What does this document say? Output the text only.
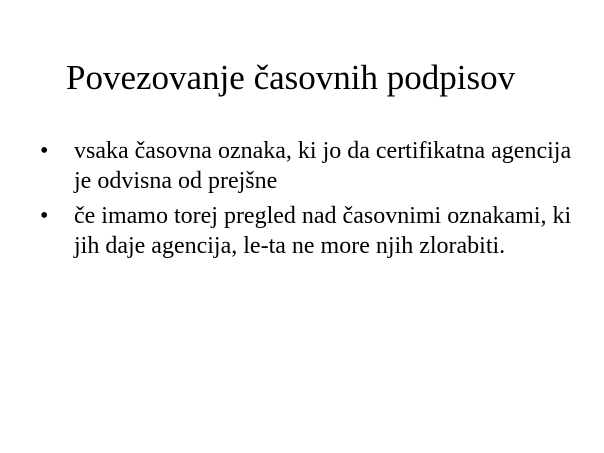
Povezovanje časovnih podpisov
• vsaka časovna oznaka, ki jo da certifikatna agencija je odvisna od prejšne
• če imamo torej pregled nad časovnimi oznakami, ki jih daje agencija, le-ta ne more njih zlorabiti.
